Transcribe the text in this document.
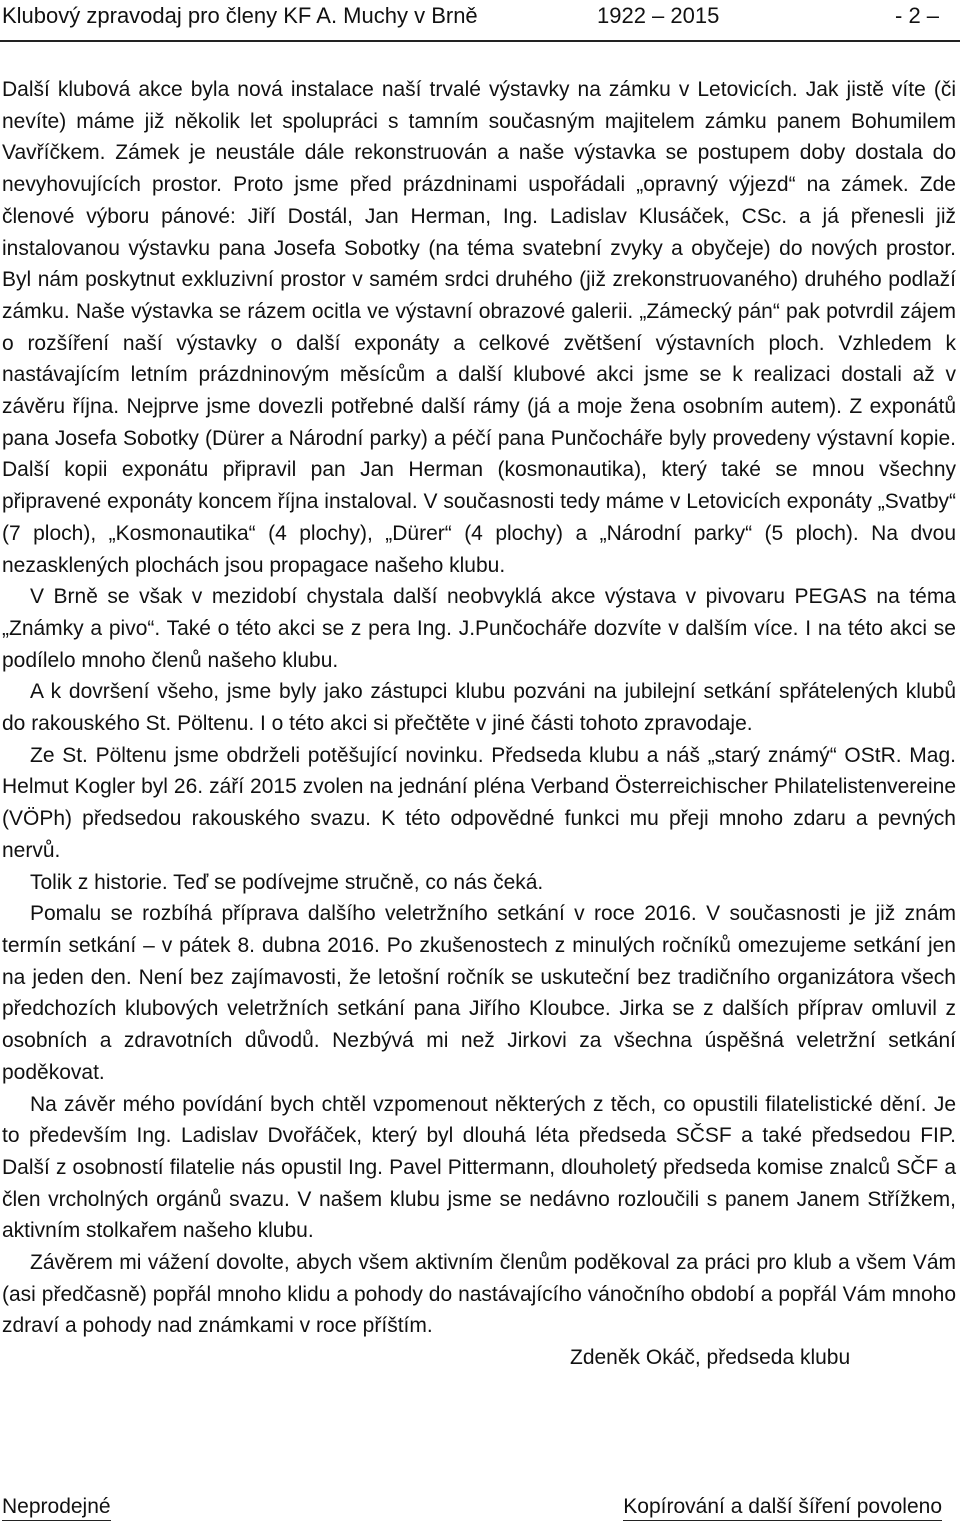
Klubový zpravodaj pro členy KF A. Muchy v Brně	1922 – 2015	- 2 –

Další klubová akce byla nová instalace naší trvalé výstavky na zámku v Letovicích. Jak jistě víte (či nevíte) máme již několik let spolupráci s tamním současným majitelem zámku panem Bohumilem Vavříčkem. Zámek je neustále dále rekonstruován a naše výstavka se postupem doby dostala do nevyhovujících prostor. Proto jsme před prázdninami uspořádali „opravný výjezd“ na zámek. Zde členové výboru pánové: Jiří Dostál, Jan Herman, Ing. Ladislav Klusáček, CSc. a já přenesli již instalovanou výstavku pana Josefa Sobotky (na téma svatební zvyky a obyčeje) do nových prostor. Byl nám poskytnut exkluzivní prostor v samém srdci druhého (již zrekonstruovaného) druhého podlaží zámku. Naše výstavka se rázem ocitla ve výstavní obrazové galerii. „Zámecký pán“ pak potvrdil zájem o rozšíření naší výstavky o další exponáty a celkové zvětšení výstavních ploch. Vzhledem k nastávajícím letním prázdninovým měsícům a další klubové akci jsme se k realizaci dostali až v závěru října. Nejprve jsme dovezli potřebné další rámy (já a moje žena osobním autem). Z exponátů pana Josefa Sobotky (Dürer a Národní parky) a péčí pana Punčocháře byly provedeny výstavní kopie. Další kopii exponátu připravil pan Jan Herman (kosmonautika), který také se mnou všechny připravené exponáty koncem října instaloval. V současnosti tedy máme v Letovicích exponáty „Svatby“ (7 ploch), „Kosmonautika“ (4 plochy), „Dürer“ (4 plochy) a „Národní parky“ (5 ploch). Na dvou nezasklených plochách jsou propagace našeho klubu.

V Brně se však v mezidobí chystala další neobvyklá akce výstava v pivovaru PEGAS na téma „Známky a pivo“. Také o této akci se z pera Ing. J.Punčocháře dozvíte v dalším více. I na této akci se podílelo mnoho členů našeho klubu.

A k dovršení všeho, jsme byly jako zástupci klubu pozváni na jubilejní setkání spřátelených klubů do rakouského St. Pöltenu. I o této akci si přečtěte v jiné části tohoto zpravodaje.

Ze St. Pöltenu jsme obdrželi potěšující novinku. Předseda klubu a náš „starý známý“ OStR. Mag. Helmut Kogler byl 26. září 2015 zvolen na jednání pléna Verband Österreichischer Philatelistenvereine (VÖPh) předsedou rakouského svazu. K této odpovědné funkci mu přeji mnoho zdaru a pevných nervů.

Tolik z historie. Teď se podívejme stručně, co nás čeká.

Pomalu se rozbíhá příprava dalšího veletržního setkání v roce 2016. V současnosti je již znám termín setkání – v pátek 8. dubna 2016. Po zkušenostech z minulých ročníků omezujeme setkání jen na jeden den. Není bez zajímavosti, že letošní ročník se uskuteční bez tradičního organizátora všech předchozích klubových veletržních setkání pana Jiřího Kloubce. Jirka se z dalších příprav omluvil z osobních a zdravotních důvodů. Nezbývá mi než Jirkovi za všechna úspěšná veletržní setkání poděkovat.

Na závěr mého povídání bych chtěl vzpomenout některých z těch, co opustili filatelistické dění. Je to především Ing. Ladislav Dvořáček, který byl dlouhá léta předseda SČSF a také předsedou FIP. Další z osobností filatelie nás opustil Ing. Pavel Pittermann, dlouholetý předseda komise znalců SČF a člen vrcholných orgánů svazu. V našem klubu jsme se nedávno rozloučili s panem Janem Střížkem, aktivním stolkařem našeho klubu.

Závěrem mi vážení dovolte, abych všem aktivním členům poděkoval za práci pro klub a všem Vám (asi předčasně) popřál mnoho klidu a pohody do nastávajícího vánočního období a popřál Vám mnoho zdraví a pohody nad známkami v roce příštím.

Zdeněk Okáč, předseda klubu

Neprodejné	Kopírování a další šíření povoleno
